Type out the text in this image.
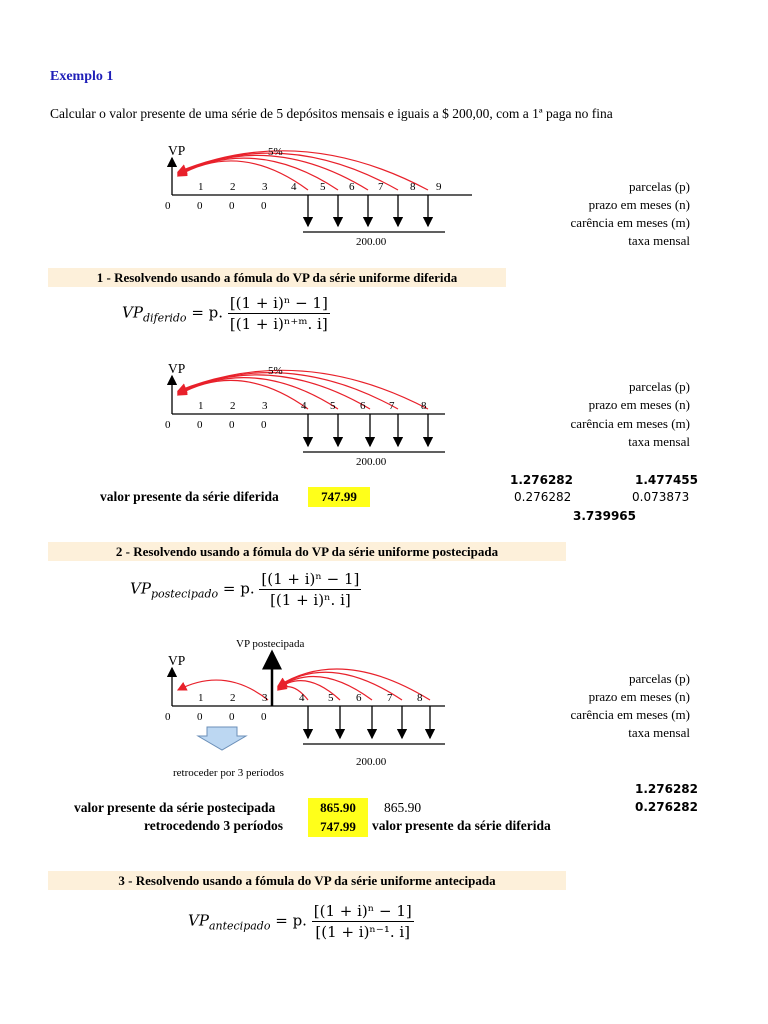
Exemplo 1
Calcular o valor presente de uma série de 5 depósitos mensais e iguais a $ 200,00, com a 1ª paga no fina
VP	5%
1 2 3 4 5 6 7 8 9
0 0 0 0
200.00
parcelas (p)
prazo em meses (n)
carência em meses (m)
taxa mensal
1 - Resolvendo usando a fómula do VP da série uniforme diferida
$VP_{diferido} = p$. $\frac{\text{[(1 + i)ⁿ − 1]}}{\text{[(1 + i)ⁿ⁺ᵐ. i]}}$
VP	5%
1 2 3	4 5 6 7 8
0 0 0 0
200.00
parcelas (p)
prazo em meses (n)
carência em meses (m)
taxa mensal
1.276282	1.477455
0.276282	0.073873
3.739965
valor presente da série diferida	747.99
2 - Resolvendo usando a fómula do VP da série uniforme postecipada
$VP_{postecipado} = p$. $\frac{\text{[(1 + i)ⁿ − 1]}}{\text{[(1 + i)ⁿ. i]}}$
VP postecipada
VP
1 2 3	4 5 6 7 8
0 0 0 0
200.00
retroceder por 3 períodos
parcelas (p)
prazo em meses (n)
carência em meses (m)
taxa mensal
1.276282
0.276282
valor presente da série postecipada	865.90	865.90
retrocedendo 3 períodos	747.99	valor presente da série diferida
3 - Resolvendo usando a fómula do VP da série uniforme antecipada
$VP_{antecipado} = p$. $\frac{\text{[(1 + i)ⁿ − 1]}}{\text{[(1 + i)ⁿ⁻¹. i]}}$
